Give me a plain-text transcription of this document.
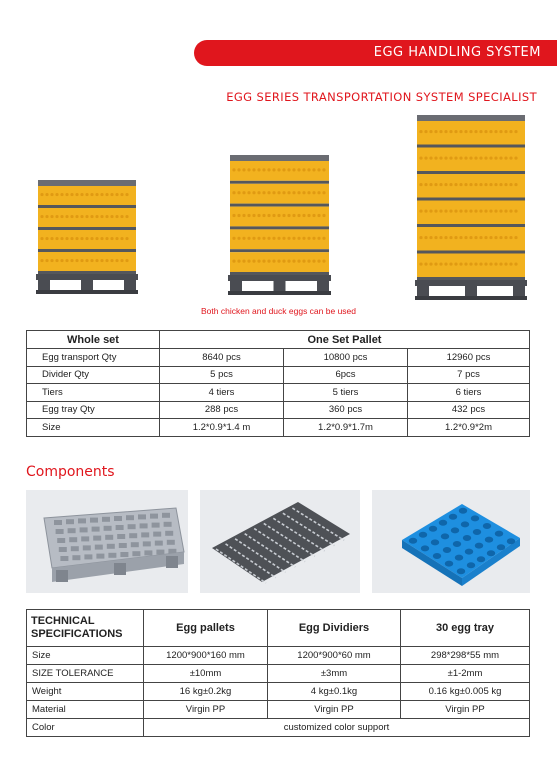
EGG HANDLING SYSTEM
EGG SERIES TRANSPORTATION SYSTEM SPECIALIST
Both chicken and duck eggs can be used
Whole set	One Set Pallet		
Egg transport Qty	8640 pcs	10800 pcs	12960 pcs
Divider Qty	5 pcs	6pcs	7 pcs
Tiers	4 tiers	5 tiers	6 tiers
Egg tray Qty	288 pcs	360 pcs	432 pcs
Size	1.2*0.9*1.4 m	1.2*0.9*1.7m	1.2*0.9*2m
Components
TECHNICAL SPECIFICATIONS	Egg pallets	Egg Dividiers	30 egg tray
Size	1200*900*160 mm	1200*900*60 mm	298*298*55 mm
SIZE TOLERANCE	±10mm	±3mm	±1-2mm
Weight	16 kg±0.2kg	4 kg±0.1kg	0.16 kg±0.005 kg
Material	Virgin PP	Virgin PP	Virgin PP
Color	customized color support		
